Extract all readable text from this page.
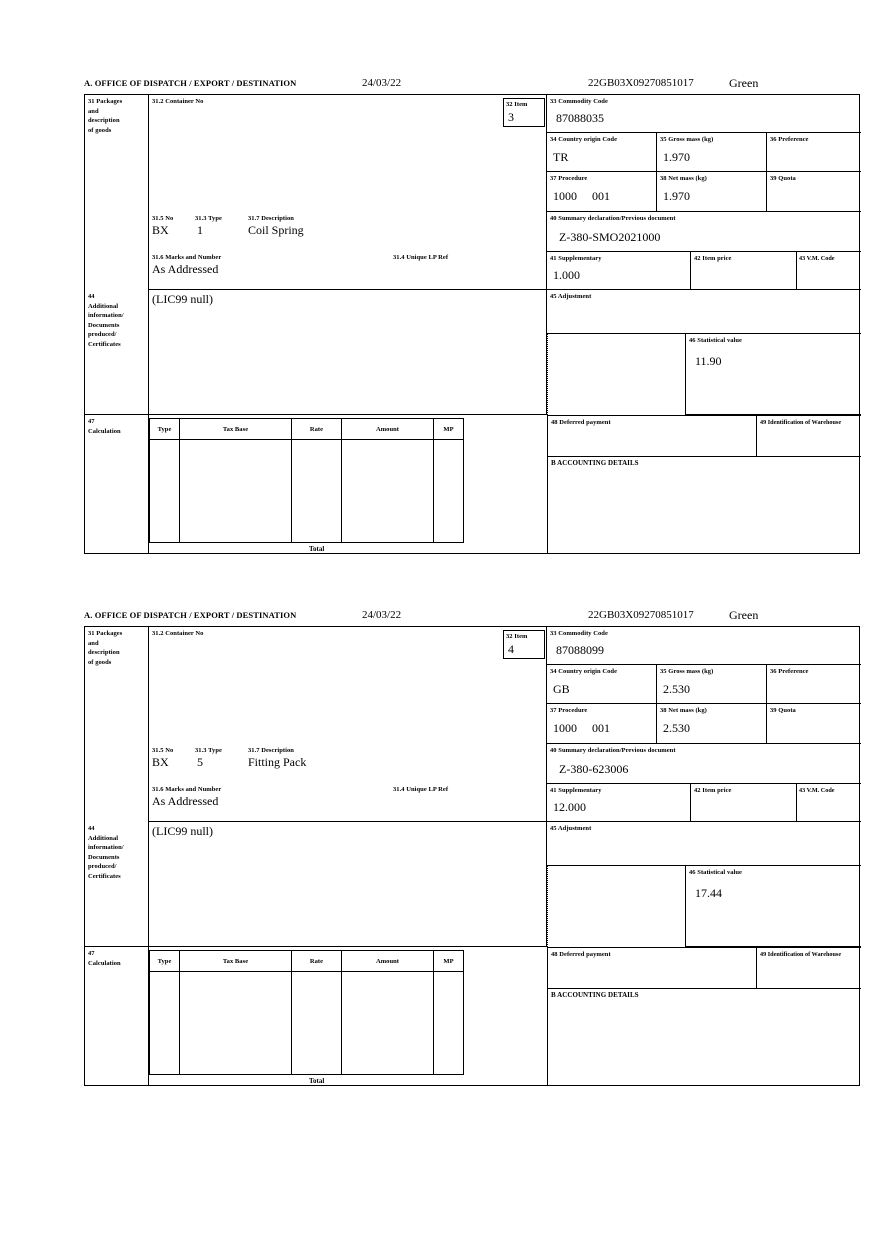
A. OFFICE OF DISPATCH / EXPORT / DESTINATION	24/03/22	22GB03X09270851017	Green
31 Packages
and
description
of goods
31.2 Container No
31.5 No	31.3 Type	31.7 Description
BX 1	Coil Spring
31.6 Marks and Number
As Addressed
31.4 Unique LP Ref
32 Item
3
33 Commodity Code
87088035
34 Country origin Code
TR
35 Gross mass (kg)
1.970
36 Preference
37 Procedure
1000     001
38 Net mass (kg)
1.970
39 Quota
40 Summary declaration/Previous document
Z-380-SMO2021000
41 Supplementary
1.000
42 Item price	43 V.M. Code
44
Additional
information/
Documents
produced/
Certificates
(LIC99 null)	45 Adjustment
46 Statistical value
11.90
47
Calculation	Type	Tax Base	Rate	Amount	MP
Total
48 Deferred payment	49 Identification of Warehouse
B ACCOUNTING DETAILS
A. OFFICE OF DISPATCH / EXPORT / DESTINATION	24/03/22	22GB03X09270851017	Green
31 Packages
and
description
of goods
31.2 Container No
31.5 No	31.3 Type	31.7 Description
BX 5	Fitting Pack
31.6 Marks and Number
As Addressed
31.4 Unique LP Ref
32 Item
4
33 Commodity Code
87088099
34 Country origin Code
GB
35 Gross mass (kg)
2.530
36 Preference
37 Procedure
1000     001
38 Net mass (kg)
2.530
39 Quota
40 Summary declaration/Previous document
Z-380-623006
41 Supplementary
12.000
42 Item price	43 V.M. Code
44
Additional
information/
Documents
produced/
Certificates
(LIC99 null)	45 Adjustment
46 Statistical value
17.44
47
Calculation	Type	Tax Base	Rate	Amount	MP
Total
48 Deferred payment	49 Identification of Warehouse
B ACCOUNTING DETAILS
